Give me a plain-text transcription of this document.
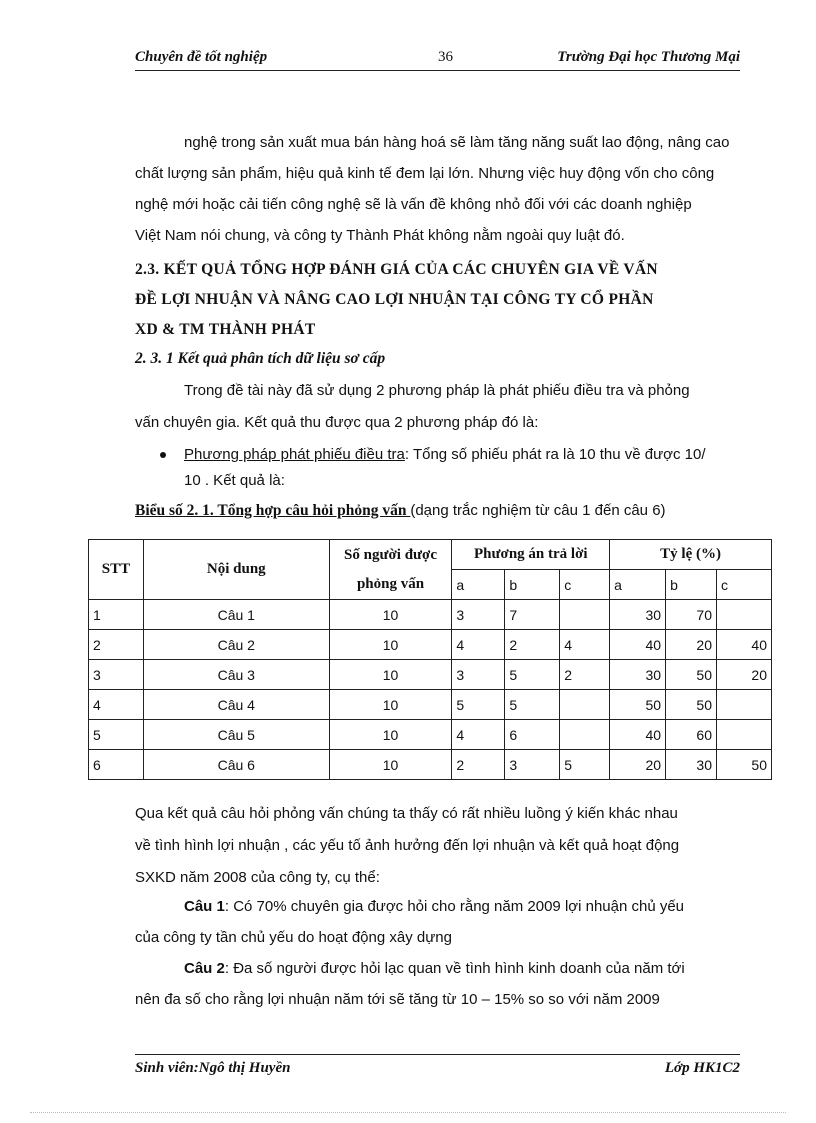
Chuyên đề tốt nghiệp	36	Trường Đại học Thương Mại
nghệ trong sản xuất mua bán hàng hoá sẽ làm tăng năng suất lao động, nâng cao
chất lượng sản phẩm, hiệu quả kinh tế đem lại lớn. Nhưng việc huy động vốn cho công
nghệ mới hoặc cải tiến công nghệ sẽ là vấn đề không nhỏ đối với các doanh nghiệp
Việt Nam nói chung, và công ty Thành Phát không nằm ngoài quy luật đó.
2.3. KẾT QUẢ TỔNG HỢP ĐÁNH GIÁ CỦA CÁC CHUYÊN GIA VỀ VẤN
ĐỀ LỢI NHUẬN VÀ NÂNG CAO LỢI NHUẬN TẠI CÔNG TY CỔ PHẦN
XD & TM THÀNH PHÁT
2. 3. 1 Kết quả phân tích dữ liệu sơ cấp
Trong đề tài này đã sử dụng 2 phương pháp là phát phiếu điều tra và phỏng
vấn chuyên gia. Kết quả thu được qua 2 phương pháp đó là:
Phương pháp phát phiếu điều tra: Tổng số phiếu phát ra là 10 thu về được 10/
10 . Kết quả là:
Biểu số 2. 1. Tổng hợp câu hỏi phỏng vấn (dạng trắc nghiệm từ câu 1 đến câu 6)
STT	Nội dung	Số người được phỏng vấn	Phương án trả lời			Tỷ lệ (%)		
			a	b	c	a	b	c
1	Câu 1	10	3	7		30	70	
2	Câu 2	10	4	2	4	40	20	40
3	Câu 3	10	3	5	2	30	50	20
4	Câu 4	10	5	5		50	50	
5	Câu 5	10	4	6		40	60	
6	Câu 6	10	2	3	5	20	30	50
Qua kết quả câu hỏi phỏng vấn chúng ta thấy có rất nhiều luồng ý kiến khác nhau
về tình hình lợi nhuận , các yếu tố ảnh hưởng đến lợi nhuận và kết quả hoạt động
SXKD năm 2008 của công ty, cụ thể:
Câu 1: Có 70% chuyên gia được hỏi cho rằng năm 2009 lợi nhuận chủ yếu
của công ty tần chủ yếu do hoạt động xây dựng
Câu 2: Đa số người được hỏi lạc quan về tình hình kinh doanh của năm tới
nên đa số cho rằng lợi nhuận năm tới sẽ tăng từ 10 – 15% so so với năm 2009
Sinh viên:Ngô thị Huyền	Lớp HK1C2
